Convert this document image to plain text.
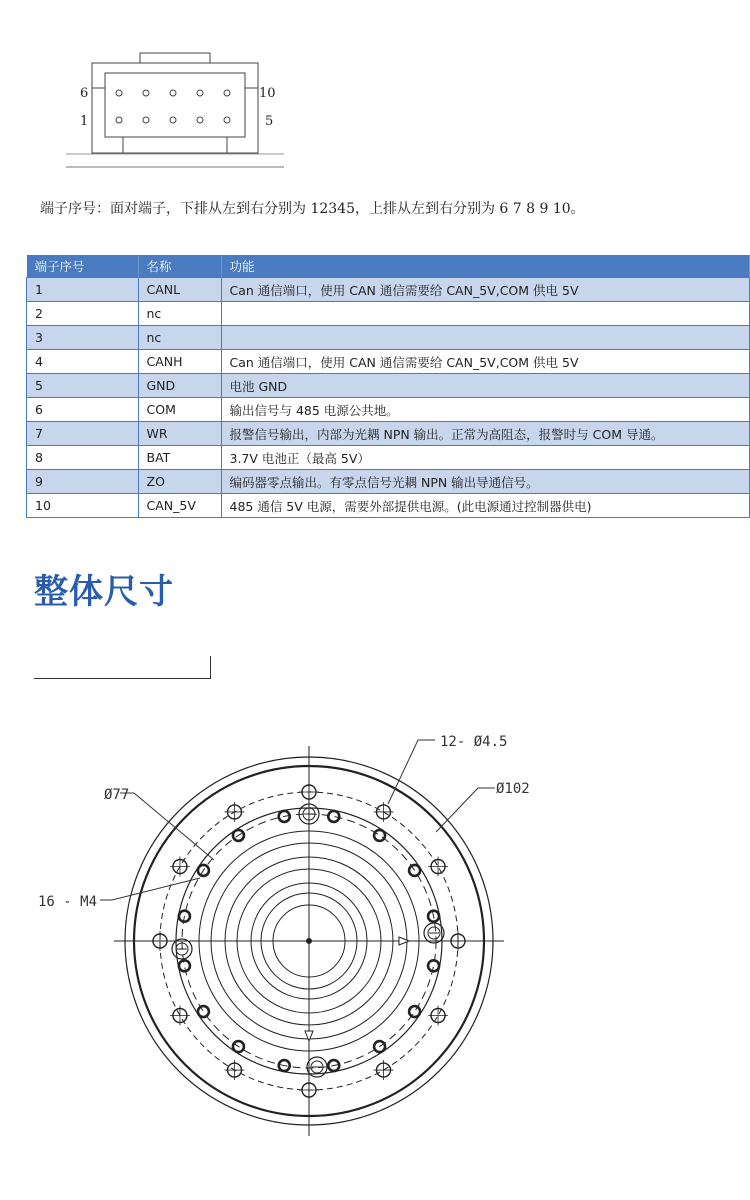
6
1
10
5
端子序号：面对端子，下排从左到右分别为 12345，上排从左到右分别为 6 7 8 9 10。
端子序号	名称	功能
1	CANL	Can 通信端口，使用 CAN 通信需要给 CAN_5V,COM 供电 5V
2	nc	
3	nc	
4	CANH	Can 通信端口，使用 CAN 通信需要给 CAN_5V,COM 供电 5V
5	GND	电池 GND
6	COM	输出信号与 485 电源公共地。
7	WR	报警信号输出，内部为光耦 NPN 输出。正常为高阻态，报警时与 COM 导通。
8	BAT	3.7V 电池正（最高 5V）
9	ZO	编码器零点输出。有零点信号光耦 NPN 输出导通信号。
10	CAN_5V	485 通信 5V 电源，需要外部提供电源。(此电源通过控制器供电)
整体尺寸
12- Ø4.5
Ø102
Ø77
16 - M4
